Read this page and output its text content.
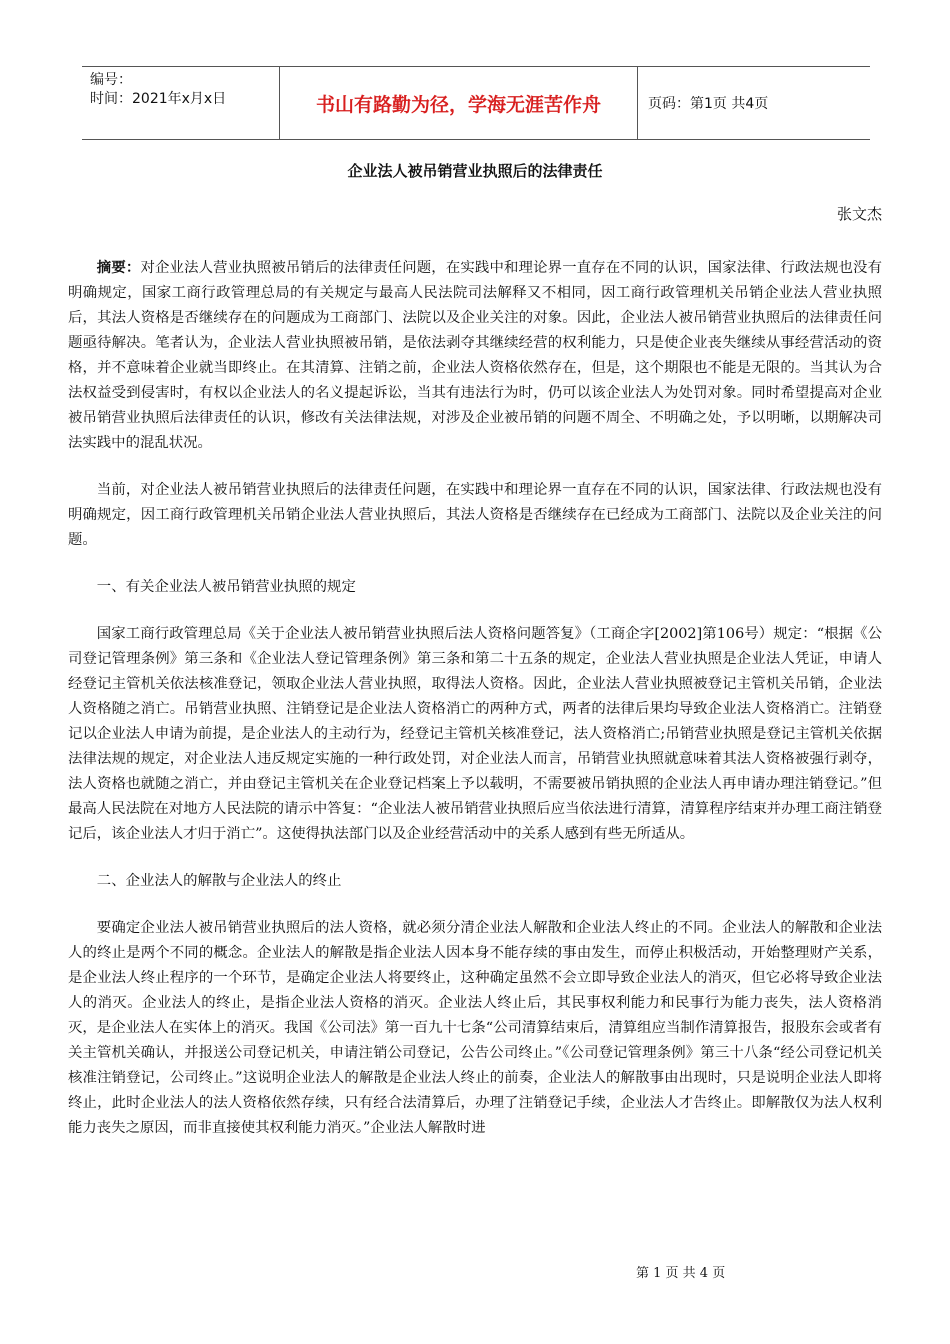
编号：
时间：2021年x月x日	书山有路勤为径，学海无涯苦作舟	页码：第1页 共4页
企业法人被吊销营业执照后的法律责任
张文杰

摘要：对企业法人营业执照被吊销后的法律责任问题，在实践中和理论界一直存在不同的认识，国家法律、行政法规也没有明确规定，国家工商行政管理总局的有关规定与最高人民法院司法解释又不相同，因工商行政管理机关吊销企业法人营业执照后，其法人资格是否继续存在的问题成为工商部门、法院以及企业关注的对象。因此，企业法人被吊销营业执照后的法律责任问题亟待解决。笔者认为，企业法人营业执照被吊销，是依法剥夺其继续经营的权利能力，只是使企业丧失继续从事经营活动的资格，并不意味着企业就当即终止。在其清算、注销之前，企业法人资格依然存在，但是，这个期限也不能是无限的。当其认为合法权益受到侵害时，有权以企业法人的名义提起诉讼，当其有违法行为时，仍可以该企业法人为处罚对象。同时希望提高对企业被吊销营业执照后法律责任的认识，修改有关法律法规，对涉及企业被吊销的问题不周全、不明确之处，予以明晰，以期解决司法实践中的混乱状况。

当前，对企业法人被吊销营业执照后的法律责任问题，在实践中和理论界一直存在不同的认识，国家法律、行政法规也没有明确规定，因工商行政管理机关吊销企业法人营业执照后，其法人资格是否继续存在已经成为工商部门、法院以及企业关注的问题。

一、有关企业法人被吊销营业执照的规定

国家工商行政管理总局《关于企业法人被吊销营业执照后法人资格问题答复》（工商企字[2002]第106号）规定：“根据《公司登记管理条例》第三条和《企业法人登记管理条例》第三条和第二十五条的规定，企业法人营业执照是企业法人凭证，申请人经登记主管机关依法核准登记，领取企业法人营业执照，取得法人资格。因此，企业法人营业执照被登记主管机关吊销，企业法人资格随之消亡。吊销营业执照、注销登记是企业法人资格消亡的两种方式，两者的法律后果均导致企业法人资格消亡。注销登记以企业法人申请为前提，是企业法人的主动行为，经登记主管机关核准登记，法人资格消亡;吊销营业执照是登记主管机关依据法律法规的规定，对企业法人违反规定实施的一种行政处罚，对企业法人而言，吊销营业执照就意味着其法人资格被强行剥夺，法人资格也就随之消亡，并由登记主管机关在企业登记档案上予以载明，不需要被吊销执照的企业法人再申请办理注销登记。”但最高人民法院在对地方人民法院的请示中答复：“企业法人被吊销营业执照后应当依法进行清算，清算程序结束并办理工商注销登记后，该企业法人才归于消亡”。这使得执法部门以及企业经营活动中的关系人感到有些无所适从。

二、企业法人的解散与企业法人的终止

要确定企业法人被吊销营业执照后的法人资格，就必须分清企业法人解散和企业法人终止的不同。企业法人的解散和企业法人的终止是两个不同的概念。企业法人的解散是指企业法人因本身不能存续的事由发生，而停止积极活动，开始整理财产关系，是企业法人终止程序的一个环节，是确定企业法人将要终止，这种确定虽然不会立即导致企业法人的消灭，但它必将导致企业法人的消灭。企业法人的终止，是指企业法人资格的消灭。企业法人终止后，其民事权利能力和民事行为能力丧失，法人资格消灭，是企业法人在实体上的消灭。我国《公司法》第一百九十七条“公司清算结束后，清算组应当制作清算报告，报股东会或者有关主管机关确认，并报送公司登记机关，申请注销公司登记，公告公司终止。”《公司登记管理条例》第三十八条“经公司登记机关核准注销登记，公司终止。”这说明企业法人的解散是企业法人终止的前奏，企业法人的解散事由出现时，只是说明企业法人即将终止，此时企业法人的法人资格依然存续，只有经合法清算后，办理了注销登记手续，企业法人才告终止。即解散仅为法人权利能力丧失之原因，而非直接使其权利能力消灭。”企业法人解散时进

第 1 页 共 4 页
